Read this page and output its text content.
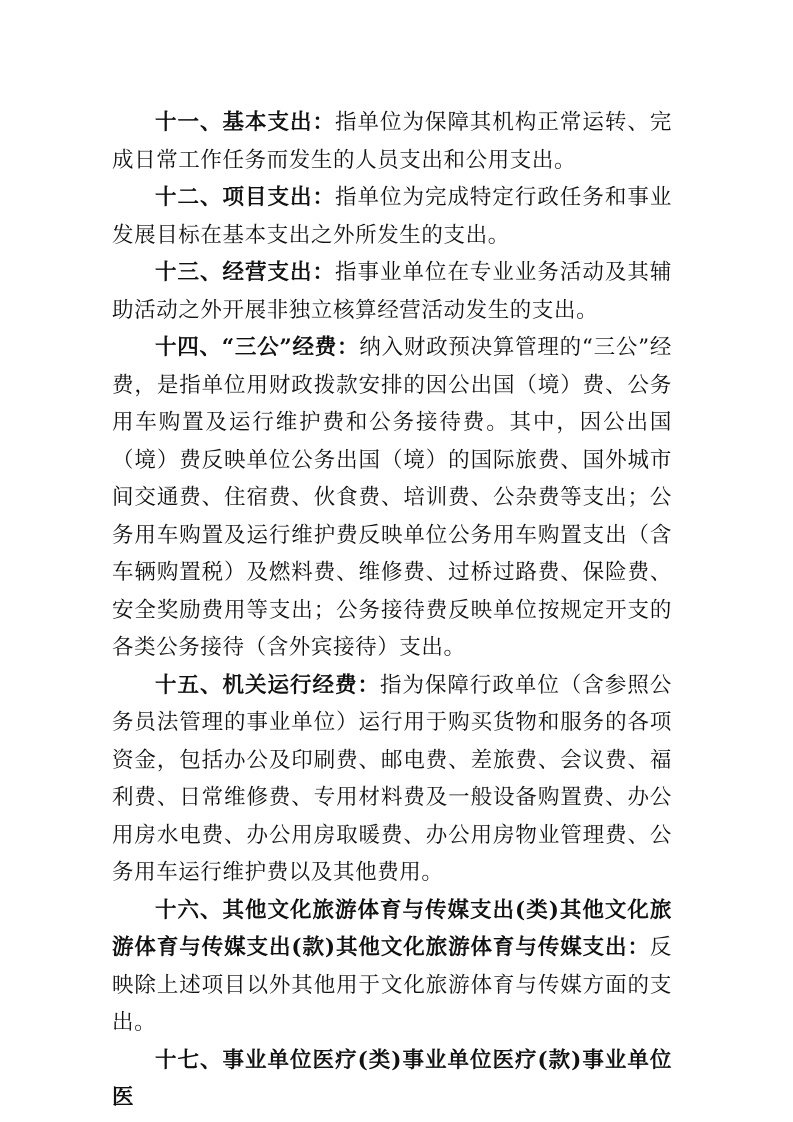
十一、基本支出：指单位为保障其机构正常运转、完成日常工作任务而发生的人员支出和公用支出。

十二、项目支出：指单位为完成特定行政任务和事业发展目标在基本支出之外所发生的支出。

十三、经营支出：指事业单位在专业业务活动及其辅助活动之外开展非独立核算经营活动发生的支出。

十四、“三公”经费：纳入财政预决算管理的“三公”经费，是指单位用财政拨款安排的因公出国（境）费、公务用车购置及运行维护费和公务接待费。其中，因公出国（境）费反映单位公务出国（境）的国际旅费、国外城市间交通费、住宿费、伙食费、培训费、公杂费等支出；公务用车购置及运行维护费反映单位公务用车购置支出（含车辆购置税）及燃料费、维修费、过桥过路费、保险费、安全奖励费用等支出；公务接待费反映单位按规定开支的各类公务接待（含外宾接待）支出。

十五、机关运行经费：指为保障行政单位（含参照公务员法管理的事业单位）运行用于购买货物和服务的各项资金，包括办公及印刷费、邮电费、差旅费、会议费、福利费、日常维修费、专用材料费及一般设备购置费、办公用房水电费、办公用房取暖费、办公用房物业管理费、公务用车运行维护费以及其他费用。

十六、其他文化旅游体育与传媒支出(类)其他文化旅游体育与传媒支出(款)其他文化旅游体育与传媒支出：反映除上述项目以外其他用于文化旅游体育与传媒方面的支出。

十七、事业单位医疗(类)事业单位医疗(款)事业单位医
